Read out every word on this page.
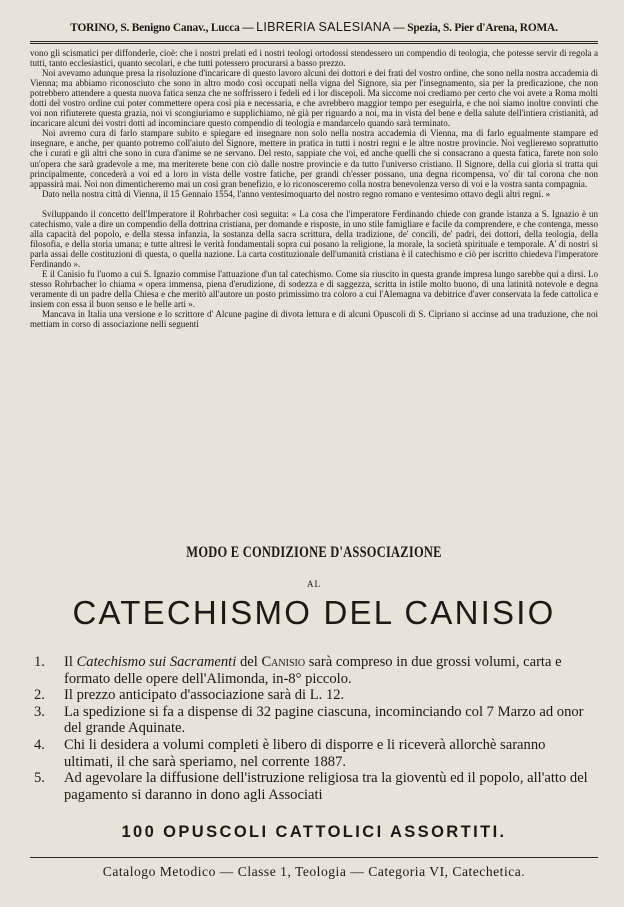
TORINO, S. Benigno Canav., Lucca — LIBRERIA SALESIANA — Spezia, S. Pier d'Arena, ROMA.

vono gli scismatici per diffonderle, cioè: che i nostri prelati ed i nostri teologi ortodossi stendessero un compendio di teologia, che potesse servir di regola a tutti, tanto ecclesiastici, quanto secolari, e che tutti potessero procurarsi a basso prezzo.

Noi avevamo adunque presa la risoluzione d'incaricare di questo lavoro alcuni dei dottori e dei frati del vostro ordine, che sono nella nostra accademia di Vienna; ma abbiamo riconosciuto che sono in altro modo così occupati nella vigna del Signore, sia per l'insegnamento, sia per la predicazione, che non potrebbero attendere a questa nuova fatica senza che ne soffrissero i fedeli ed i lor discepoli. Ma siccome noi crediamo per certo che voi avete a Roma molti dotti del vostro ordine cui poter commettere opera così pia e necessaria, e che avrebbero maggior tempo per eseguirla, e che noi siamo inoltre convinti che voi non rifiuterete questa grazia, noi vi scongiuriamo e supplichiamo, nè già per riguardo a noi, ma in vista del bene e della salute dell'intiera cristianità, ad incaricare alcuni dei vostri dotti ad incominciare questo compendio di teologia e mandarcelo quando sarà terminato.

Noi avremo cura di farlo stampare subito e spiegare ed insegnare non solo nella nostra accademia di Vienna, ma di farlo egualmente stampare ed insegnare, e anche, per quanto potremo coll'aiuto del Signore, mettere in pratica in tutti i nostri regni e le altre nostre provincie. Noi vegliereмо soprattutto che i curati e gli altri che sono in cura d'anime se ne servano. Del resto, sappiate che voi, ed anche quelli che si consacrano a questa fatica, farete non solo un'opera che sarà gradevole a me, ma meriterete bene con ciò dalle nostre provincie e da tutto l'universo cristiano. Il Signore, della cui gloria si tratta qui principalmente, concederà a voi ed a loro in vista delle vostre fatiche, per grandi ch'esser possano, una degna ricompensa, vo' dir tal corona che non appassirà mai. Noi non dimenticheremo mai un così gran benefizio, e lo riconosceremo colla nostra benevolenza verso di voi e la vostra santa compagnia.

Dato nella nostra città di Vienna, il 15 Gennaio 1554, l'anno ventesimoquarto del nostro regno romano e ventesimo ottavo degli altri regni. »

Sviluppando il concetto dell'Imperatore il Rohrbacher così seguita: « La cosa che l'imperatore Ferdinando chiede con grande istanza a S. Ignazio è un catechismo, vale a dire un compendio della dottrina cristiana, per domande e risposte, in uno stile famigliare e facile da comprendere, e che contenga, messo alla capacità del popolo, e della stessa infanzia, la sostanza della sacra scrittura, della tradizione, de' concili, de' padri, dei dottori, della teologia, della filosofia, e della storia umana; e tutte altresì le verità fondamentali sopra cui posano la religione, la morale, la società spirituale e temporale. A' di nostri si parla assai delle costituzioni di questa, o quella nazione. La carta costituzionale dell'umanità cristiana è il catechismo e ciò per iscritto chiedeva l'imperatore Ferdinando ».

E il Canisio fu l'uomo a cui S. Ignazio commise l'attuazione d'un tal catechismo. Come sia riuscito in questa grande impresa lungo sarebbe qui a dirsi. Lo stesso Rohrbacher lo chiama « opera immensa, piena d'erudizione, di sodezza e di saggezza, scritta in istile molto buono, di una latinità notevole e degna veramente di un padre della Chiesa e che meritò all'autore un posto primissimo tra coloro a cui l'Alemagna va debitrice d'aver conservata la fede cattolica e insiem con essa il buon senso e le belle arti ».

Mancava in Italia una versione e lo scrittore d' Alcune pagine di divota lettura e di alcuni Opuscoli di S. Cipriano si accinse ad una traduzione, che noi mettiam in corso di associazione nelli seguenti

MODO E CONDIZIONE D'ASSOCIAZIONE
AL
CATECHISMO DEL CANISIO
1.	Il Catechismo sui Sacramenti del Canisio sarà compreso in due grossi volumi, carta e formato delle opere dell'Alimonda, in-8° piccolo.
2.	Il prezzo anticipato d'associazione sarà di L. 12.
3.	La spedizione si fa a dispense di 32 pagine ciascuna, incominciando col 7 Marzo ad onor del grande Aquinate.
4.	Chi li desidera a volumi completi è libero di disporre e li riceverà allorchè saranno ultimati, il che sarà speriamo, nel corrente 1887.
5.	Ad agevolare la diffusione dell'istruzione religiosa tra la gioventù ed il popolo, all'atto del pagamento si daranno in dono agli Associati
100 OPUSCOLI CATTOLICI ASSORTITI.
Catalogo Metodico — Classe 1, Teologia — Categoria VI, Catechetica.
